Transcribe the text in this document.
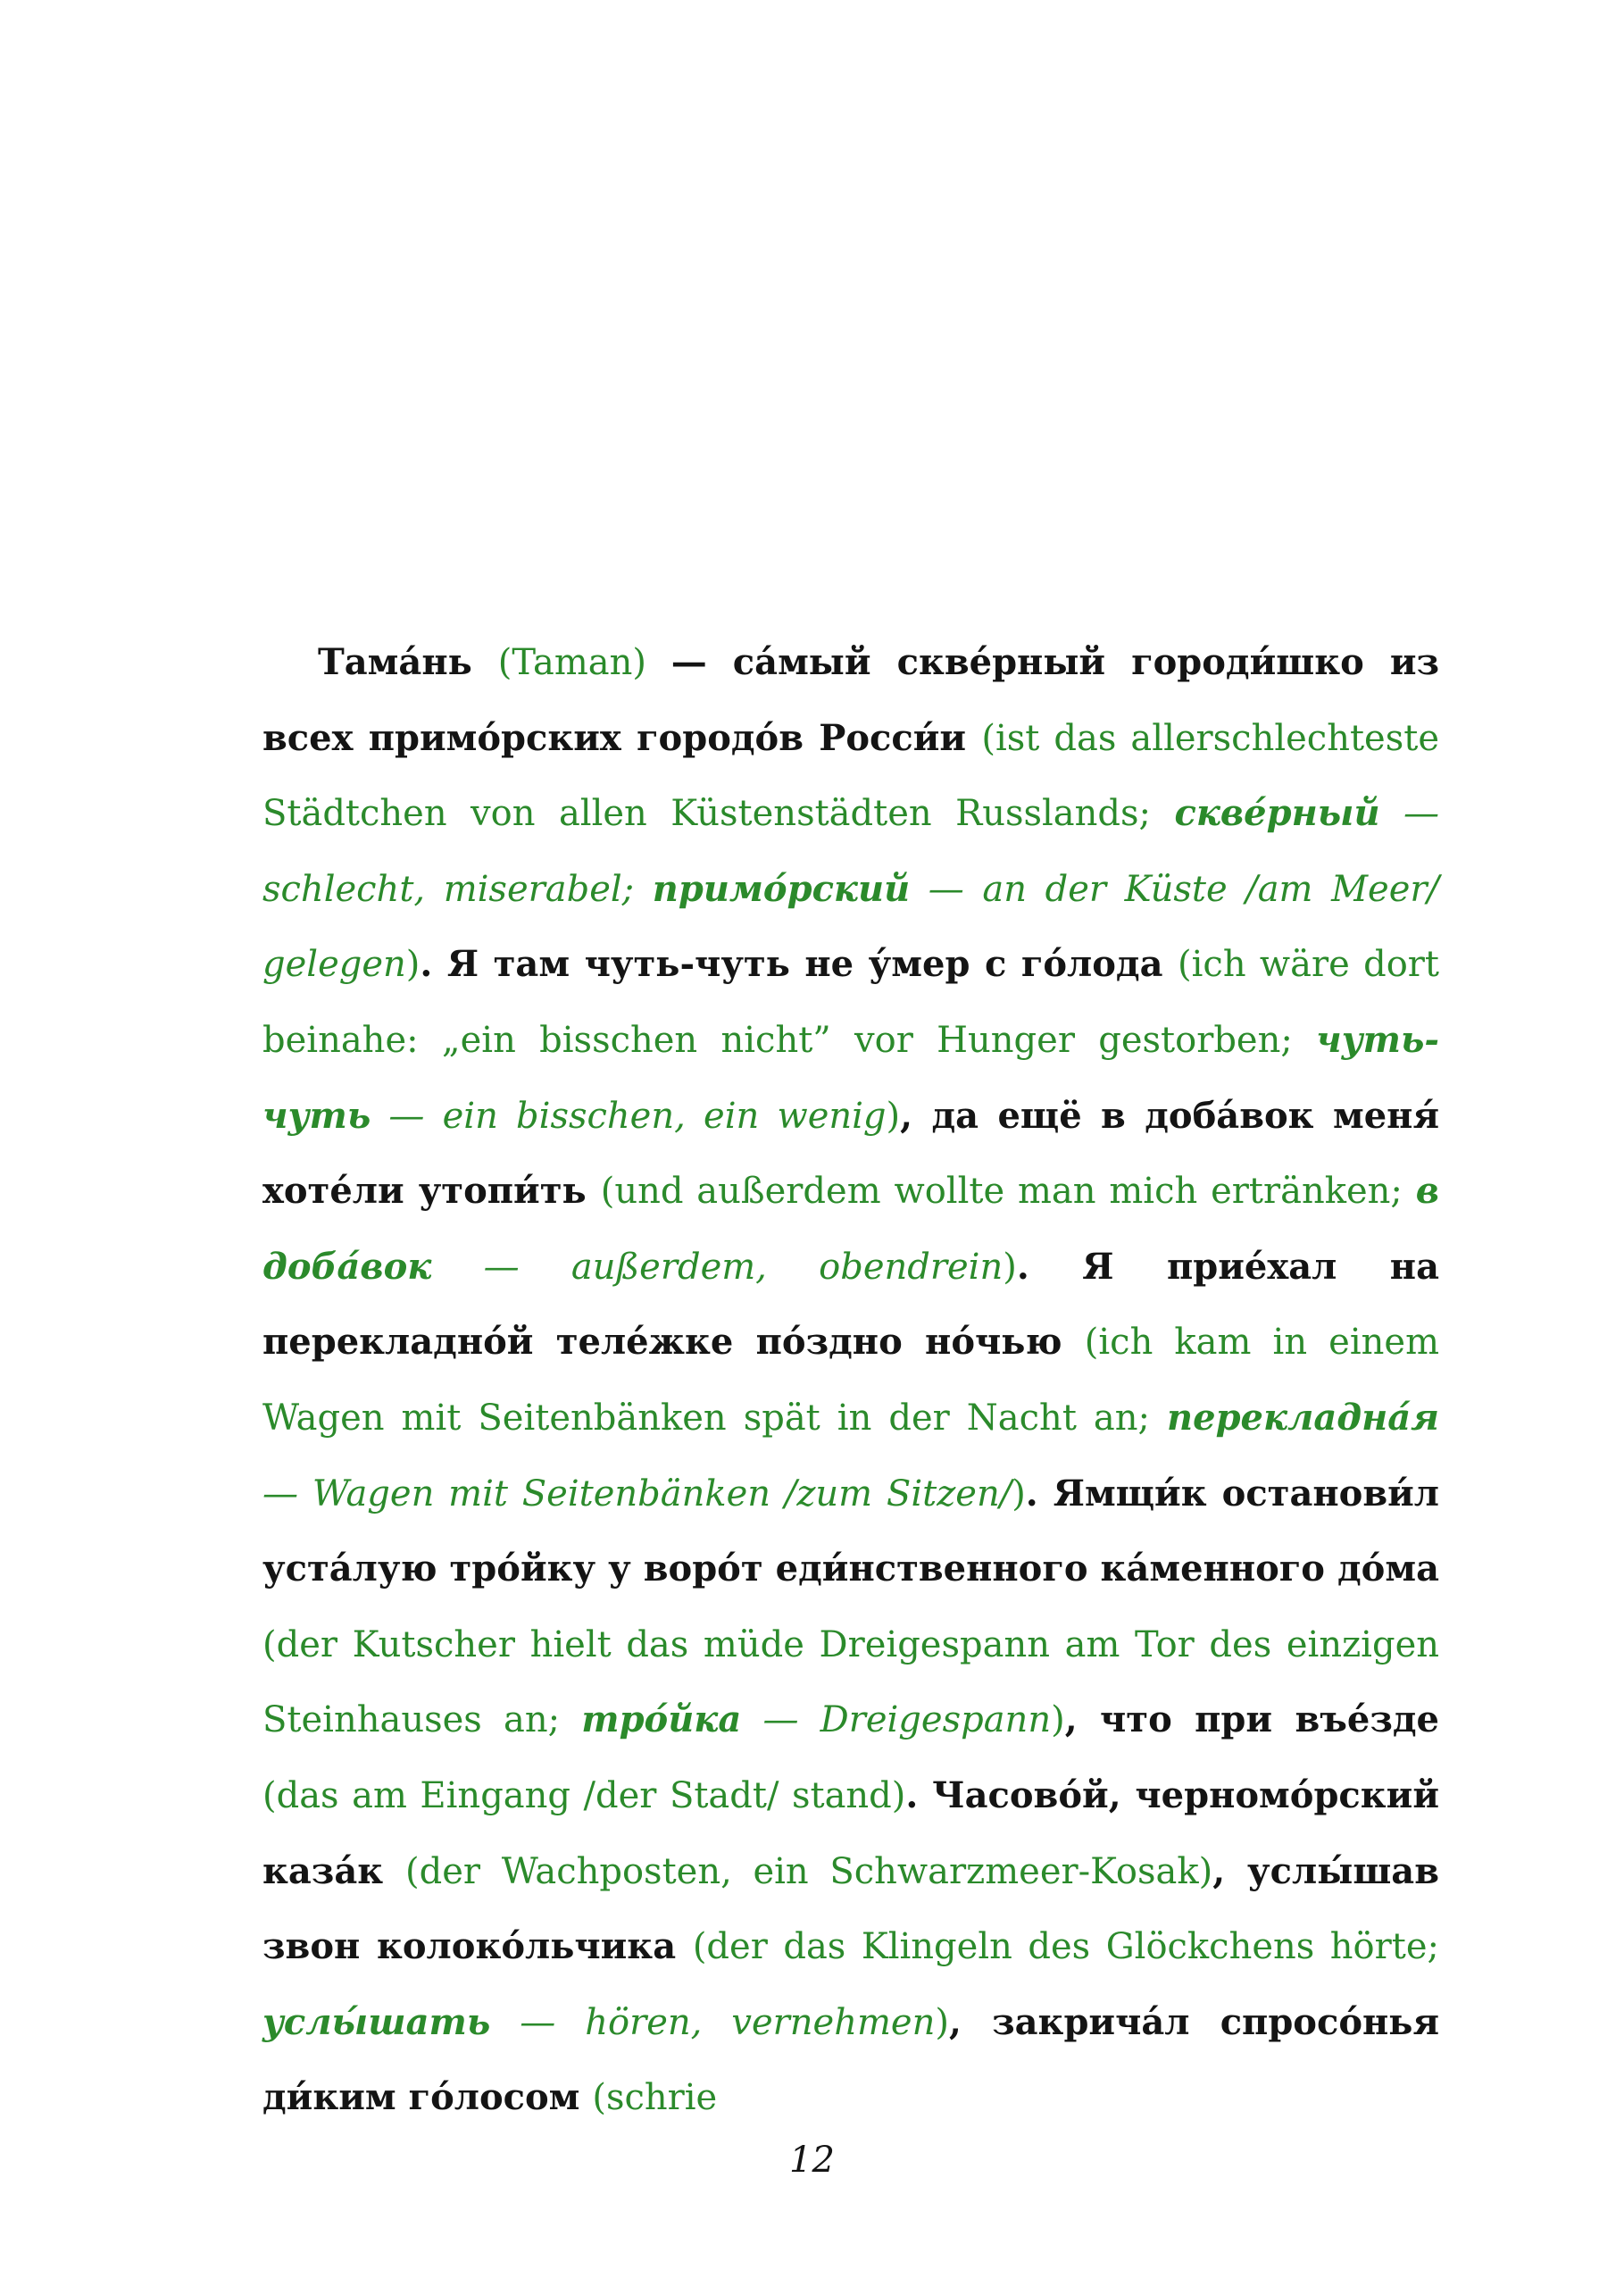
Тама́нь (Taman) — са́мый скве́рный городи́шко из всех примо́рских городо́в Росси́и (ist das allerschlechteste Städtchen von allen Küstenstädten Russlands; скве́рный — schlecht, miserabel; примо́рский — an der Küste /am Meer/ gelegen). Я там чуть-чуть не у́мер с го́лода (ich wäre dort beinahe: „ein bisschen nicht” vor Hunger gestorben; чуть-чуть — ein bisschen, ein wenig), да ещё в доба́вок меня́ хоте́ли утопи́ть (und außerdem wollte man mich ertränken; в доба́вок — außerdem, obendrein). Я прие́хал на перекладно́й теле́жке по́здно но́чью (ich kam in einem Wagen mit Seitenbänken spät in der Nacht an; перекладна́я — Wagen mit Seitenbänken /zum Sitzen/). Ямщи́к останови́л уста́лую тро́йку у воро́т еди́нственного ка́менного до́ма (der Kutscher hielt das müde Dreigespann am Tor des einzigen Steinhauses an; тро́йка — Dreigespann), что при въе́зде (das am Eingang /der Stadt/ stand). Часово́й, черномо́рский каза́к (der Wachposten, ein Schwarzmeer-Kosak), услы́шав звон колоко́льчика (der das Klingeln des Glöckchens hörte; услы́шать — hören, vernehmen), закрича́л спросо́нья ди́ким го́лосом (schrie

12
